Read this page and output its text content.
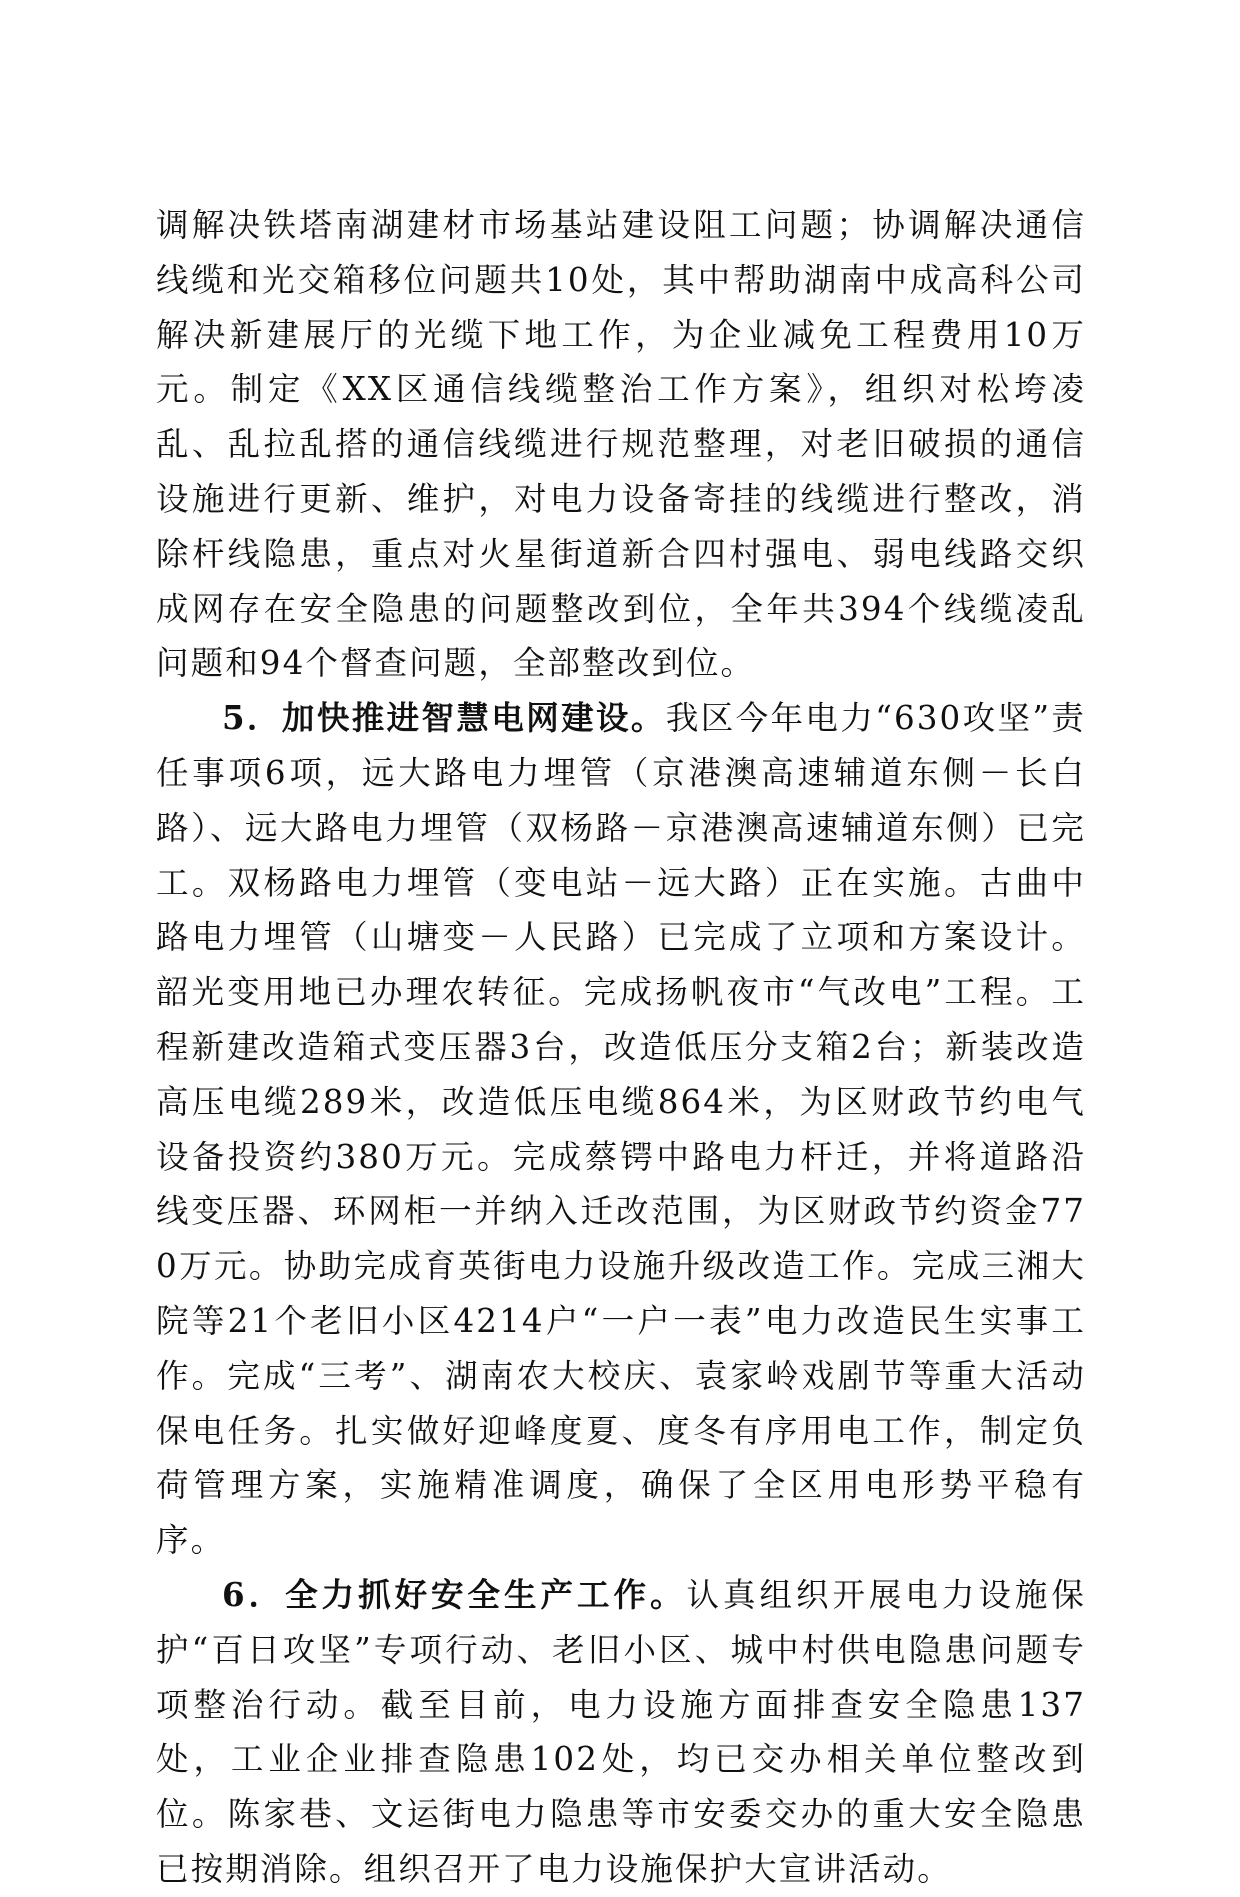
调解决铁塔南湖建材市场基站建设阻工问题；协调解决通信线缆和光交箱移位问题共10处，其中帮助湖南中成高科公司解决新建展厅的光缆下地工作，为企业减免工程费用10万元。制定《XX区通信线缆整治工作方案》，组织对松垮凌乱、乱拉乱搭的通信线缆进行规范整理，对老旧破损的通信设施进行更新、维护，对电力设备寄挂的线缆进行整改，消除杆线隐患，重点对火星街道新合四村强电、弱电线路交织成网存在安全隐患的问题整改到位，全年共394个线缆凌乱问题和94个督查问题，全部整改到位。

5．加快推进智慧电网建设。我区今年电力“630攻坚”责任事项6项，远大路电力埋管（京港澳高速辅道东侧－长白路）、远大路电力埋管（双杨路－京港澳高速辅道东侧）已完工。双杨路电力埋管（变电站－远大路）正在实施。古曲中路电力埋管（山塘变－人民路）已完成了立项和方案设计。韶光变用地已办理农转征。完成扬帆夜市“气改电”工程。工程新建改造箱式变压器3台，改造低压分支箱2台；新装改造高压电缆289米，改造低压电缆864米，为区财政节约电气设备投资约380万元。完成蔡锷中路电力杆迁，并将道路沿线变压器、环网柜一并纳入迁改范围，为区财政节约资金770万元。协助完成育英街电力设施升级改造工作。完成三湘大院等21个老旧小区4214户“一户一表”电力改造民生实事工作。完成“三考”、湖南农大校庆、袁家岭戏剧节等重大活动保电任务。扎实做好迎峰度夏、度冬有序用电工作，制定负荷管理方案，实施精准调度，确保了全区用电形势平稳有序。

6．全力抓好安全生产工作。认真组织开展电力设施保护“百日攻坚”专项行动、老旧小区、城中村供电隐患问题专项整治行动。截至目前，电力设施方面排查安全隐患137处，工业企业排查隐患102处，均已交办相关单位整改到位。陈家巷、文运街电力隐患等市安委交办的重大安全隐患已按期消除。组织召开了电力设施保护大宣讲活动。
